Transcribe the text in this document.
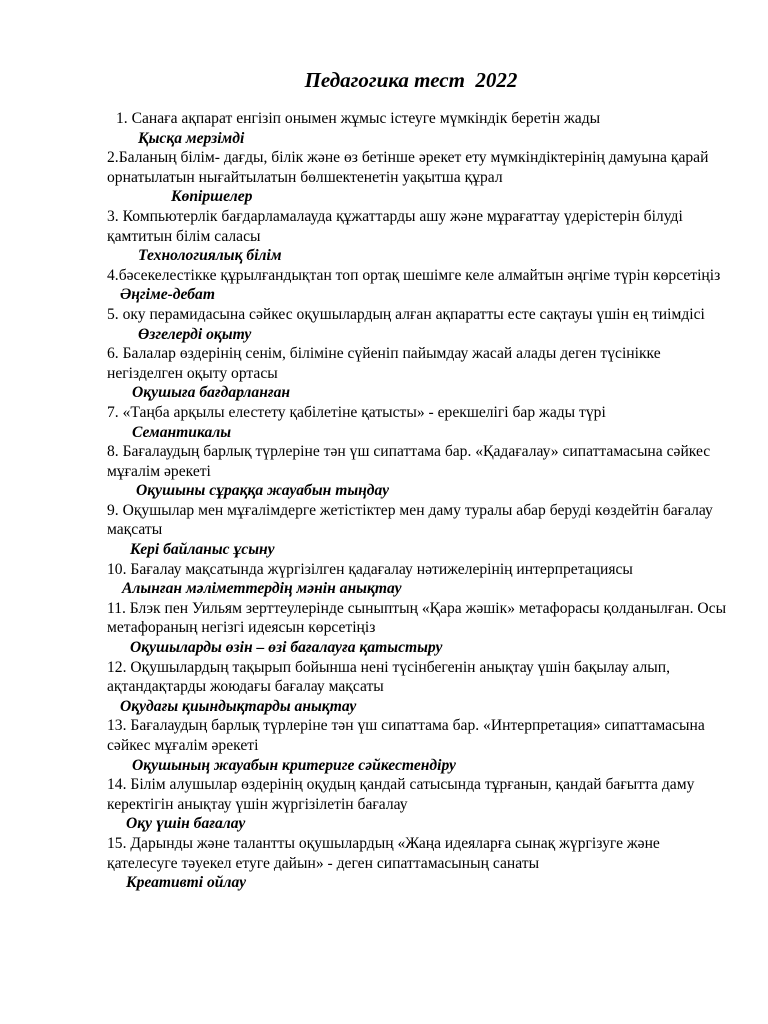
Педагогика тест  2022

1. Санаға ақпарат енгізіп онымен жұмыс істеуге мүмкіндік беретін жады

Қысқа мерзімді

2.Баланың білім- дағды, білік және өз бетінше әрекет ету мүмкіндіктерінің дамуына қарай орнатылатын нығайтылатын бөлшектенетін уақытша құрал

Көпіршелер

3. Компьютерлік бағдарламалауда құжаттарды ашу және мұрағаттау үдерістерін білуді қамтитын білім саласы

Технологиялық білім

4.бәсекелестікке құрылғандықтан топ ортақ шешімге келе алмайтын әңгіме түрін көрсетіңіз

Әңгіме-дебат

5. оку перамидасына сәйкес оқушылардың алған ақпаратты есте сақтауы үшін ең тиімдісі

Өзгелерді оқыту

6. Балалар өздерінің сенім, біліміне сүйеніп пайымдау жасай алады деген түсінікке негізделген оқыту ортасы

Оқушыға бағдарланған

7. «Таңба арқылы елестету қабілетіне қатысты» - ерекшелігі бар жады түрі

Семантикалы

8. Бағалаудың барлық түрлеріне тән үш сипаттама бар. «Қадағалау» сипаттамасына сәйкес мұғалім әрекеті

Оқушыны сұраққа жауабын тыңдау

9. Оқушылар мен мұғалімдерге жетістіктер мен даму туралы абар беруді көздейтін бағалау мақсаты

Кері байланыс ұсыну

10. Бағалау мақсатында жүргізілген қадағалау нәтижелерінің интерпретациясы

Алынған мәліметтердің мәнін анықтау

11. Блэк пен Уильям зерттеулерінде сыныптың «Қара жәшік» метафорасы қолданылған. Осы метафораның негізгі идеясын көрсетіңіз

Оқушыларды өзін – өзі бағалауға қатыстыру

12. Оқушылардың тақырып бойынша нені түсінбегенін анықтау үшін бақылау алып, ақтандақтарды жоюдағы бағалау мақсаты

Оқудағы қиындықтарды анықтау

13. Бағалаудың барлық түрлеріне тән үш сипаттама бар. «Интерпретация» сипаттамасына сәйкес мұғалім әрекеті

Оқушының жауабын критериге сәйкестендіру

14. Білім алушылар өздерінің оқудың қандай сатысында тұрғанын, қандай бағытта даму керектігін анықтау үшін жүргізілетін бағалау

Оқу үшін бағалау

15. Дарынды және талантты оқушылардың «Жаңа идеяларға сынақ жүргізуге және қателесуге тәуекел етуге дайын» - деген сипаттамасының санаты

Креативті ойлау
